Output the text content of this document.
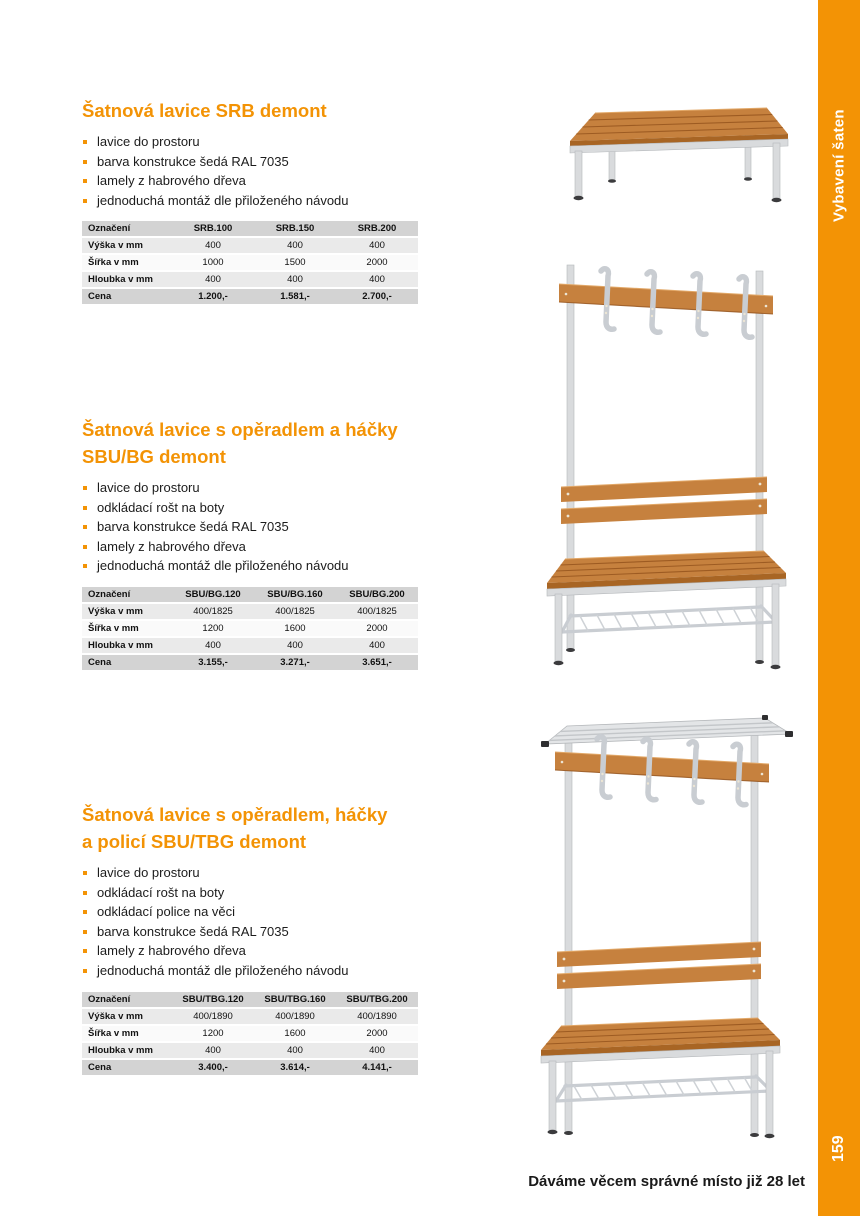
Šatnová lavice SRB demont
lavice do prostoru
barva konstrukce šedá RAL 7035
lamely z habrového dřeva
jednoduchá montáž dle přiloženého návodu
Označení	SRB.100	SRB.150	SRB.200
Výška v mm	400	400	400
Šířka v mm	1000	1500	2000
Hloubka v mm	400	400	400
Cena	1.200,-	1.581,-	2.700,-
Šatnová lavice s opěradlem a háčky
SBU/BG demont
lavice do prostoru
odkládací rošt na boty
barva konstrukce šedá RAL 7035
lamely z habrového dřeva
jednoduchá montáž dle přiloženého návodu
Označení	SBU/BG.120	SBU/BG.160	SBU/BG.200
Výška v mm	400/1825	400/1825	400/1825
Šířka v mm	1200	1600	2000
Hloubka v mm	400	400	400
Cena	3.155,-	3.271,-	3.651,-
Šatnová lavice s opěradlem, háčky
a policí SBU/TBG demont
lavice do prostoru
odkládací rošt na boty
odkládací police na věci
barva konstrukce šedá RAL 7035
lamely z habrového dřeva
jednoduchá montáž dle přiloženého návodu
Označení	SBU/TBG.120	SBU/TBG.160	SBU/TBG.200
Výška v mm	400/1890	400/1890	400/1890
Šířka v mm	1200	1600	2000
Hloubka v mm	400	400	400
Cena	3.400,-	3.614,-	4.141,-
Vybavení šaten
159
Dáváme věcem správné místo již 28 let
